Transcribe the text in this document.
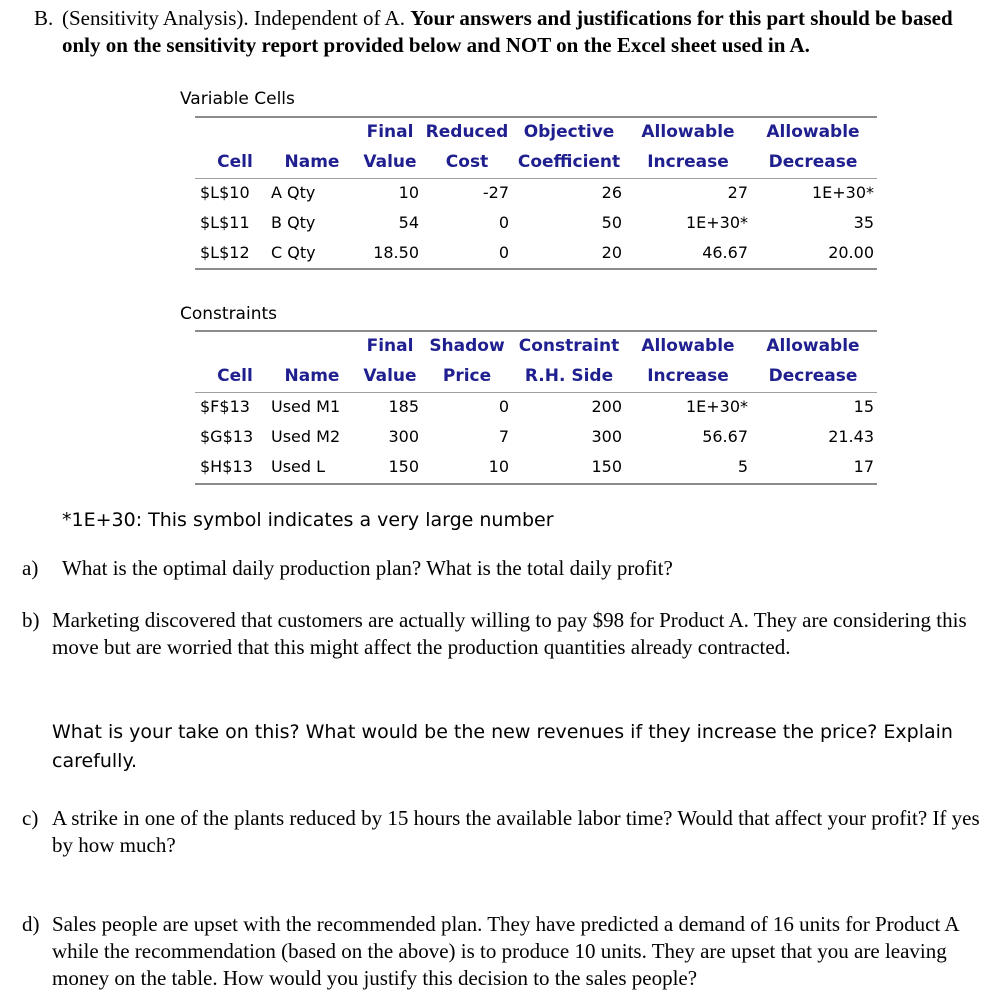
B. (Sensitivity Analysis). Independent of A. Your answers and justifications for this part should be based only on the sensitivity report provided below and NOT on the Excel sheet used in A.
Variable Cells
Final Reduced Objective	Allowable	Allowable
Cell	Name	Value	Cost	Coefficient	Increase	Decrease
$L$10 A Qty	10	-27	26	27	1E+30*
$L$11 B Qty	54	0	50	1E+30*	35
$L$12 C Qty	18.50	0	20	46.67	20.00
Constraints
Final Shadow Constraint	Allowable	Allowable
Cell	Name	Value	Price	R.H. Side	Increase	Decrease
$F$13 Used M1	185	0	200	1E+30*	15
$G$13 Used M2	300	7	300	56.67	21.43
$H$13 Used L	150	10	150	5	17
*1E+30: This symbol indicates a very large number
a) What is the optimal daily production plan? What is the total daily profit?
b) Marketing discovered that customers are actually willing to pay $98 for Product A. They are considering this move but are worried that this might affect the production quantities already contracted.
What is your take on this? What would be the new revenues if they increase the price? Explain carefully.
c) A strike in one of the plants reduced by 15 hours the available labor time? Would that affect your profit? If yes by how much?
d) Sales people are upset with the recommended plan. They have predicted a demand of 16 units for Product A while the recommendation (based on the above) is to produce 10 units. They are upset that you are leaving money on the table. How would you justify this decision to the sales people?
